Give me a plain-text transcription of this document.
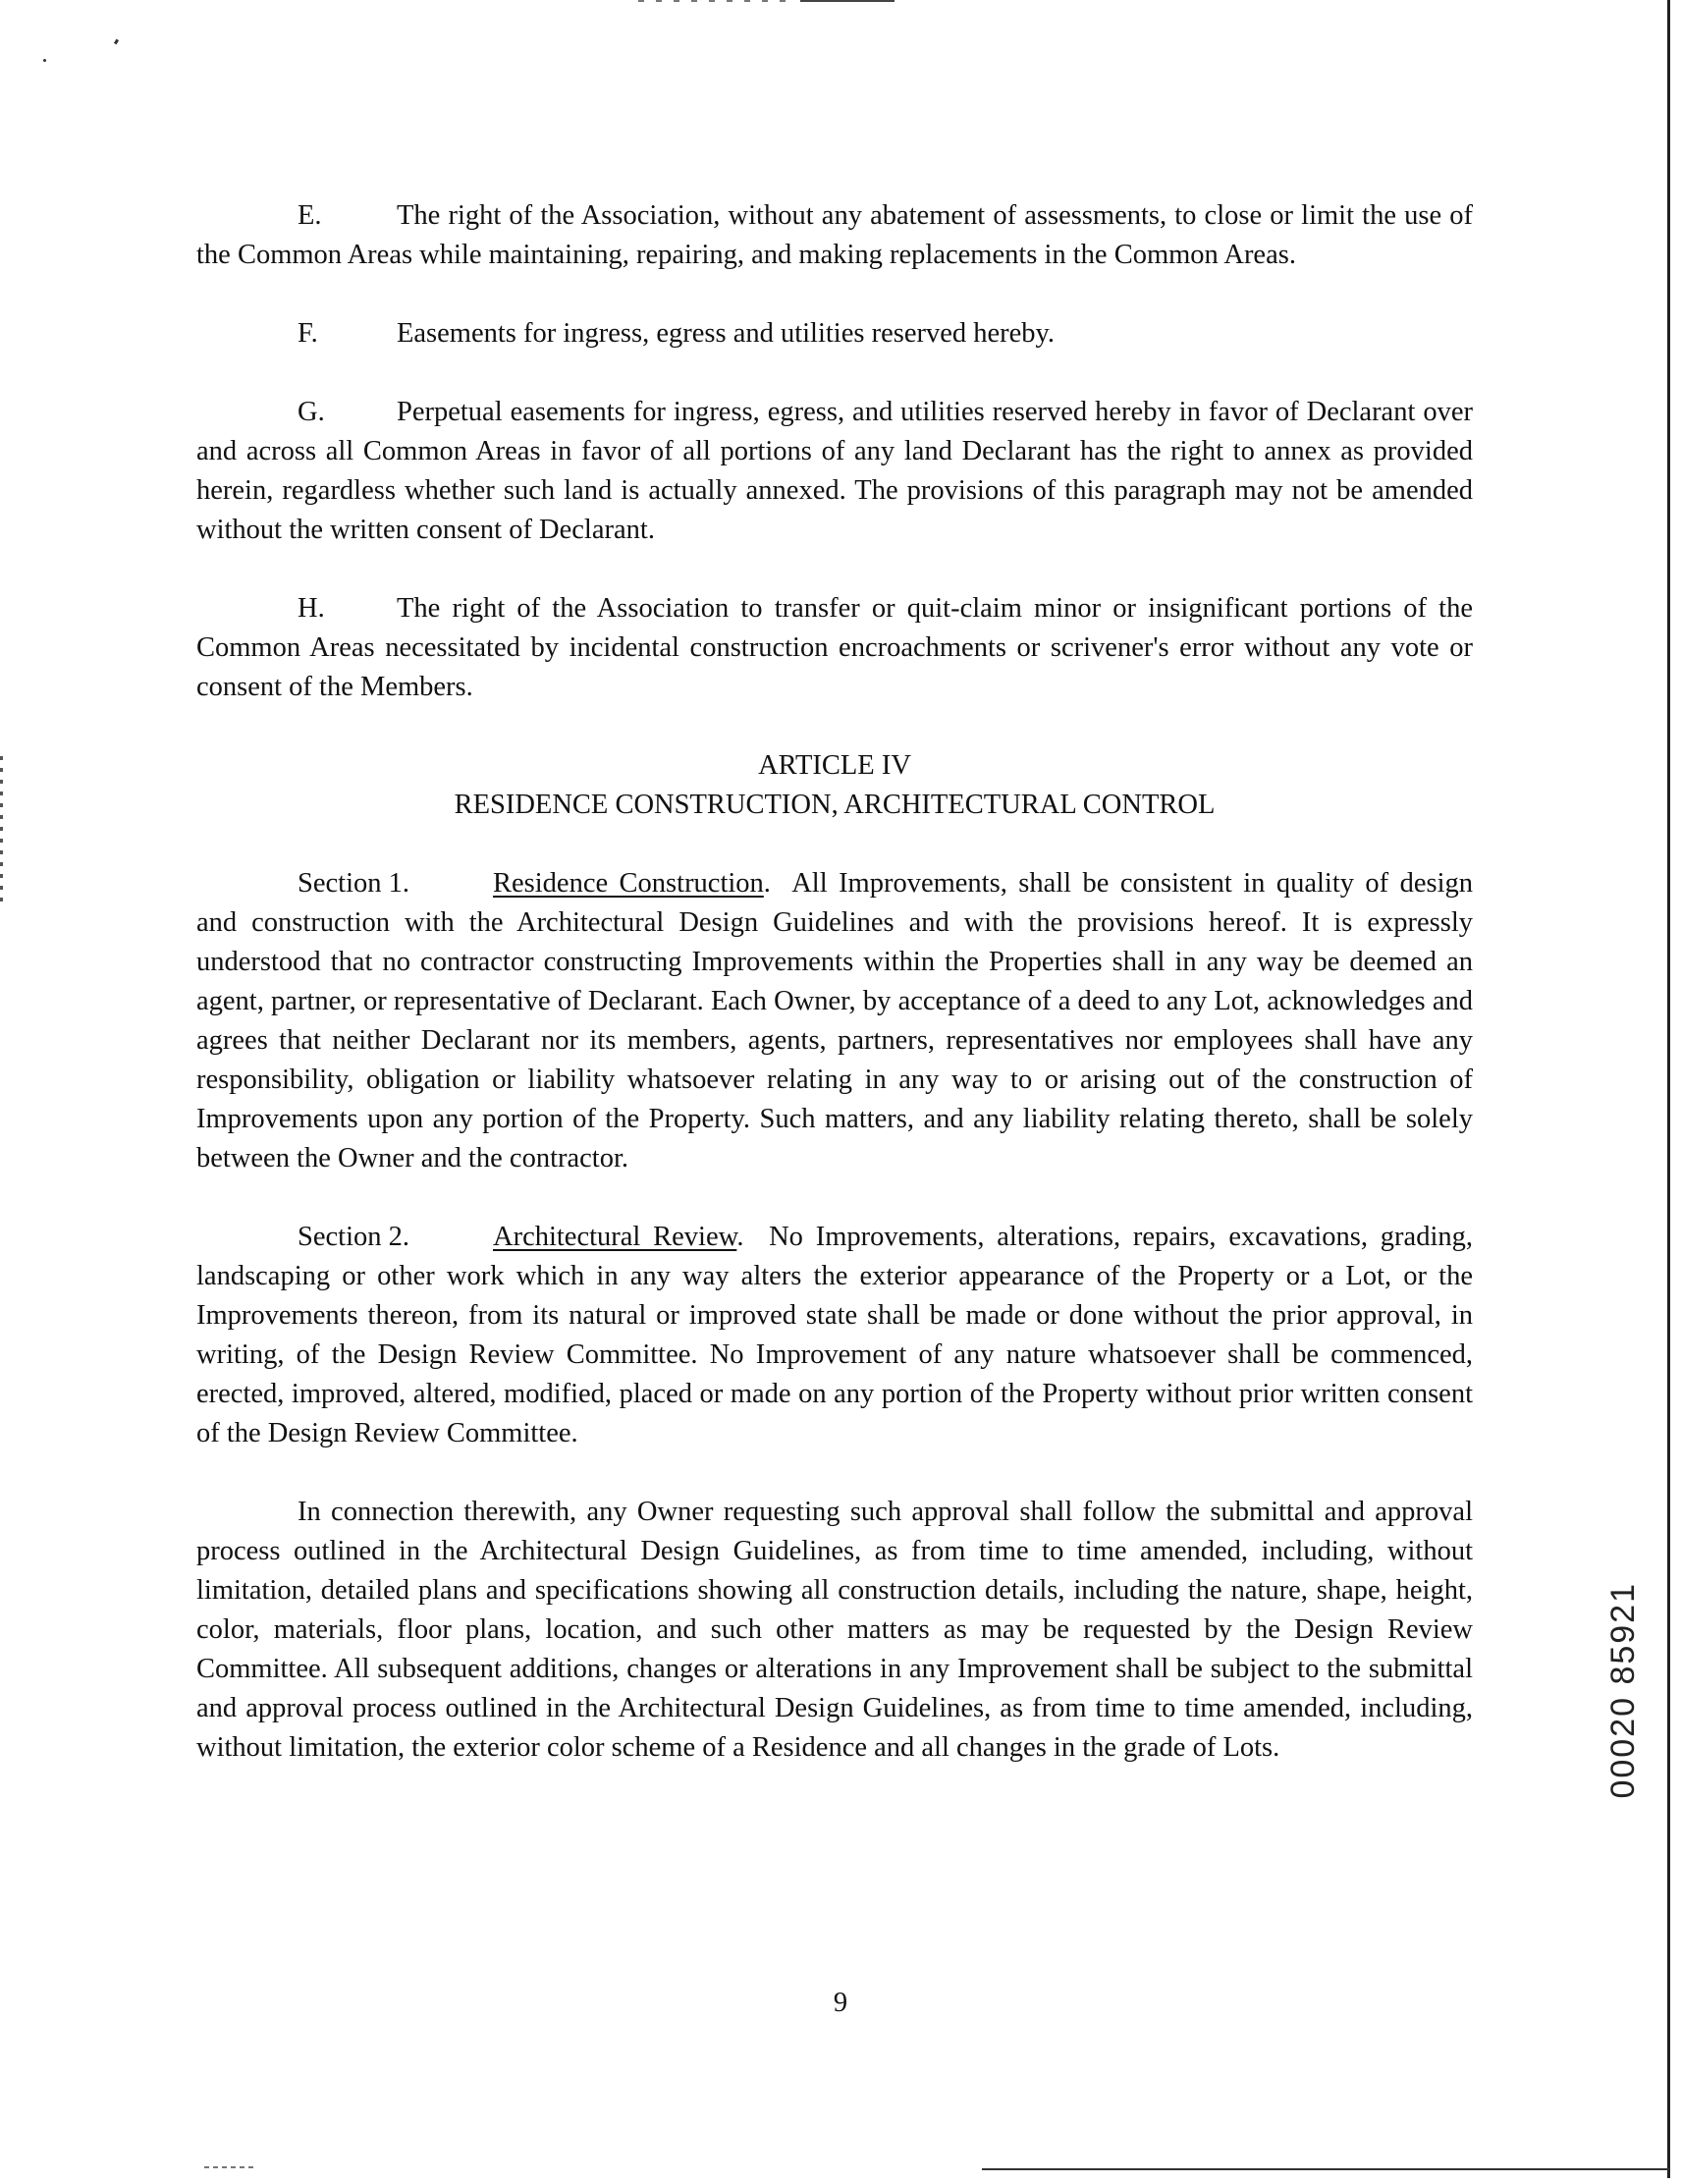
E.	The right of the Association, without any abatement of assessments, to close or limit the use of the Common Areas while maintaining, repairing, and making replacements in the Common Areas.

F.	Easements for ingress, egress and utilities reserved hereby.

G.	Perpetual easements for ingress, egress, and utilities reserved hereby in favor of Declarant over and across all Common Areas in favor of all portions of any land Declarant has the right to annex as provided herein, regardless whether such land is actually annexed. The provisions of this paragraph may not be amended without the written consent of Declarant.

H.	The right of the Association to transfer or quit-claim minor or insignificant portions of the Common Areas necessitated by incidental construction encroachments or scrivener's error without any vote or consent of the Members.

ARTICLE IV

RESIDENCE CONSTRUCTION, ARCHITECTURAL CONTROL

Section 1.	Residence Construction.  All Improvements, shall be consistent in quality of design and construction with the Architectural Design Guidelines and with the provisions hereof. It is expressly understood that no contractor constructing Improvements within the Properties shall in any way be deemed an agent, partner, or representative of Declarant. Each Owner, by acceptance of a deed to any Lot, acknowledges and agrees that neither Declarant nor its members, agents, partners, representatives nor employees shall have any responsibility, obligation or liability whatsoever relating in any way to or arising out of the construction of Improvements upon any portion of the Property. Such matters, and any liability relating thereto, shall be solely between the Owner and the contractor.

Section 2.	Architectural Review.  No Improvements, alterations, repairs, excavations, grading, landscaping or other work which in any way alters the exterior appearance of the Property or a Lot, or the Improvements thereon, from its natural or improved state shall be made or done without the prior approval, in writing, of the Design Review Committee. No Improvement of any nature whatsoever shall be commenced, erected, improved, altered, modified, placed or made on any portion of the Property without prior written consent of the Design Review Committee.

In connection therewith, any Owner requesting such approval shall follow the submittal and approval process outlined in the Architectural Design Guidelines, as from time to time amended, including, without limitation, detailed plans and specifications showing all construction details, including the nature, shape, height, color, materials, floor plans, location, and such other matters as may be requested by the Design Review Committee. All subsequent additions, changes or alterations in any Improvement shall be subject to the submittal and approval process outlined in the Architectural Design Guidelines, as from time to time amended, including, without limitation, the exterior color scheme of a Residence and all changes in the grade of Lots.

9
00020 85921
